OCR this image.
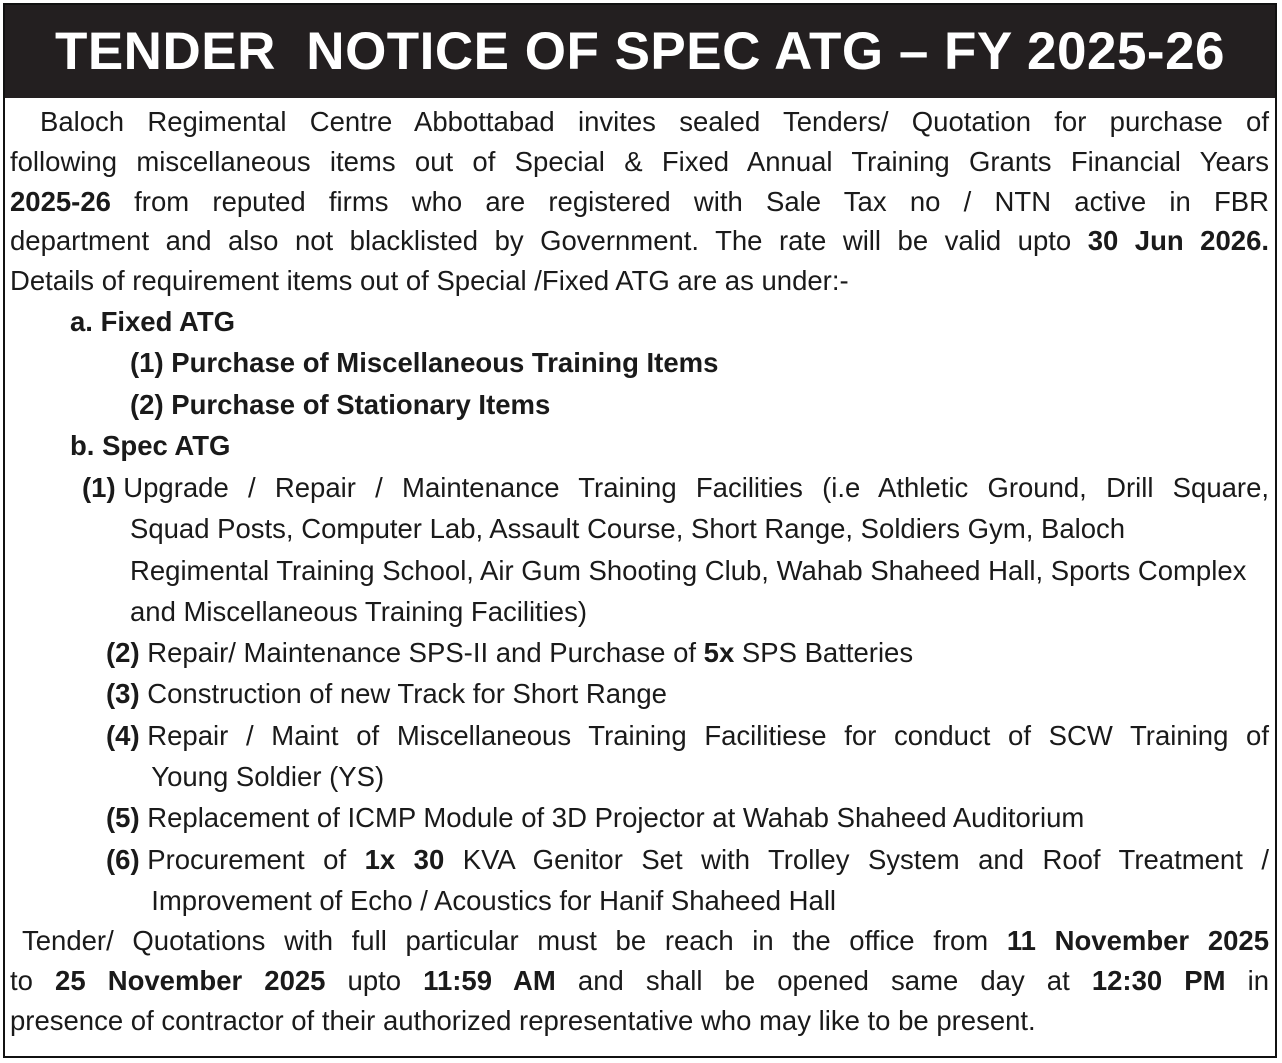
TENDER  NOTICE OF SPEC ATG – FY 2025-26
Baloch Regimental Centre Abbottabad invites sealed Tenders/ Quotation for purchase of
following miscellaneous items out of Special & Fixed Annual Training Grants Financial Years
2025-26 from reputed firms who are registered with Sale Tax no / NTN active in FBR
department and also not blacklisted by Government. The rate will be valid upto 30 Jun 2026.
Details of requirement items out of Special /Fixed ATG are as under:-
a. Fixed ATG
(1) Purchase of Miscellaneous Training Items
(2) Purchase of Stationary Items
b. Spec ATG
(1) Upgrade / Repair / Maintenance Training Facilities (i.e Athletic Ground, Drill Square,
Squad Posts, Computer Lab, Assault Course, Short Range, Soldiers Gym, Baloch Regimental Training School, Air Gum Shooting Club, Wahab Shaheed Hall, Sports Complex and Miscellaneous Training Facilities)
(2) Repair/ Maintenance SPS-II and Purchase of 5x SPS Batteries
(3) Construction of new Track for Short Range
(4) Repair / Maint of Miscellaneous Training Facilitiese for conduct of SCW Training of
Young Soldier (YS)
(5) Replacement of ICMP Module of 3D Projector at Wahab Shaheed Auditorium
(6) Procurement of 1x 30 KVA Genitor Set with Trolley System and Roof Treatment /
Improvement of Echo / Acoustics for Hanif Shaheed Hall
Tender/ Quotations with full particular must be reach in the office from 11 November 2025
to 25 November 2025 upto 11:59 AM and shall be opened same day at 12:30 PM in
presence of contractor of their authorized representative who may like to be present.
